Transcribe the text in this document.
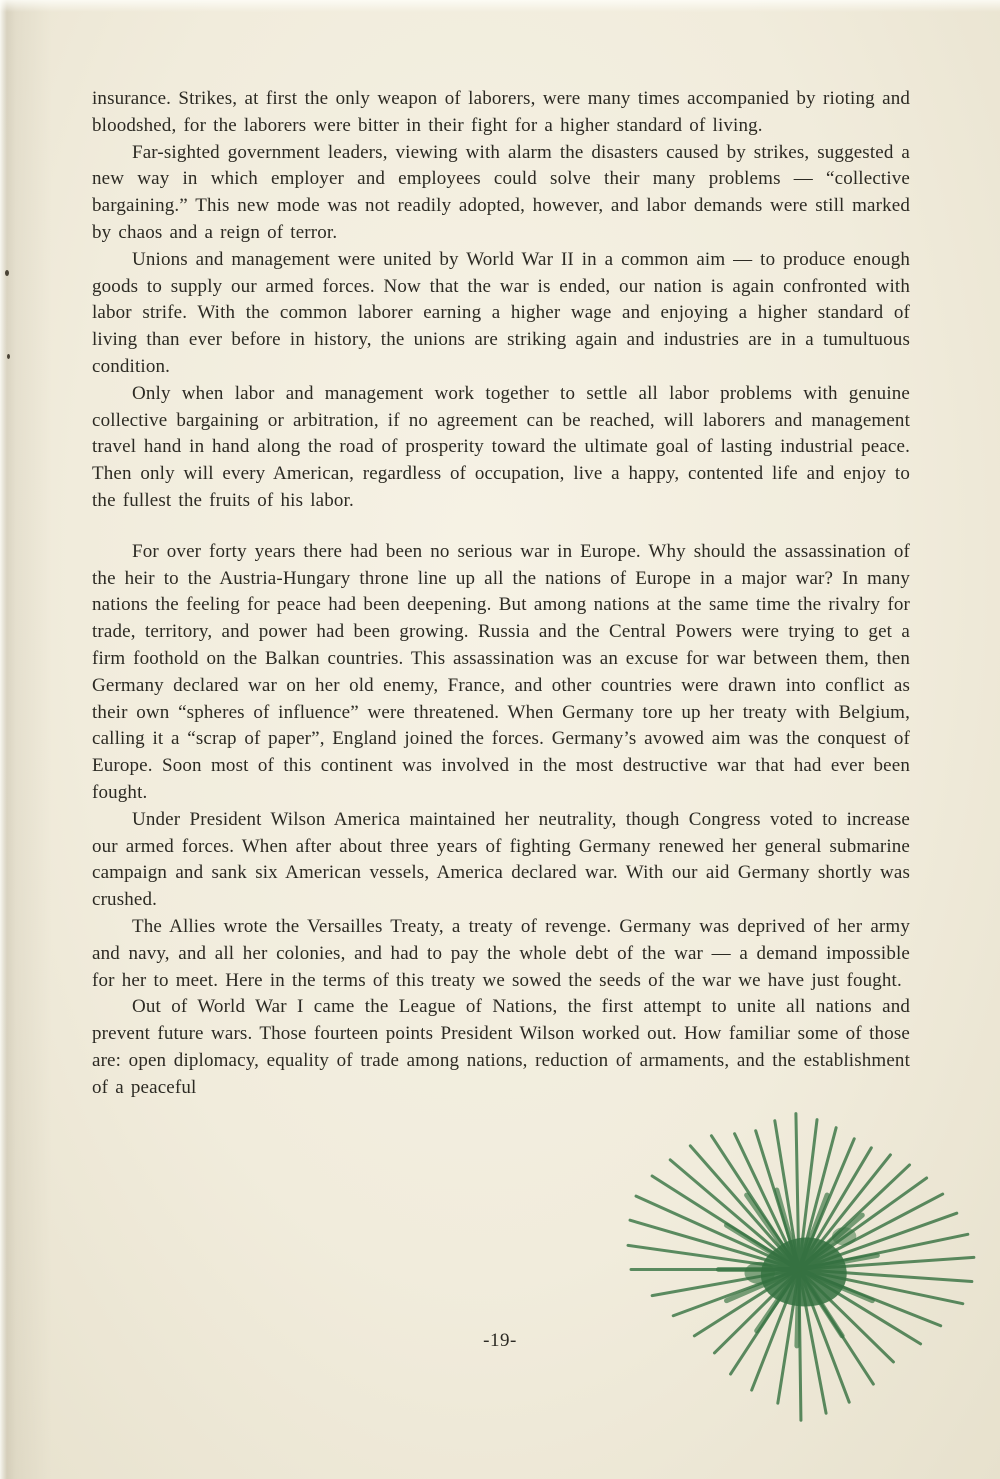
insurance. Strikes, at first the only weapon of laborers, were many times accompanied by rioting and bloodshed, for the laborers were bitter in their fight for a higher standard of living.

Far-sighted government leaders, viewing with alarm the disasters caused by strikes, suggested a new way in which employer and employees could solve their many problems — “collective bargaining.” This new mode was not readily adopted, however, and labor demands were still marked by chaos and a reign of terror.

Unions and management were united by World War II in a common aim — to produce enough goods to supply our armed forces. Now that the war is ended, our nation is again confronted with labor strife. With the common laborer earning a higher wage and enjoying a higher standard of living than ever before in history, the unions are striking again and industries are in a tumultuous condition.

Only when labor and management work together to settle all labor problems with genuine collective bargaining or arbitration, if no agreement can be reached, will laborers and management travel hand in hand along the road of prosperity toward the ultimate goal of lasting industrial peace. Then only will every American, regardless of occupation, live a happy, contented life and enjoy to the fullest the fruits of his labor.

For over forty years there had been no serious war in Europe. Why should the assassination of the heir to the Austria-Hungary throne line up all the nations of Europe in a major war? In many nations the feeling for peace had been deepening. But among nations at the same time the rivalry for trade, territory, and power had been growing. Russia and the Central Powers were trying to get a firm foothold on the Balkan countries. This assassination was an excuse for war between them, then Germany declared war on her old enemy, France, and other countries were drawn into conflict as their own “spheres of influence” were threatened. When Germany tore up her treaty with Belgium, calling it a “scrap of paper”, England joined the forces. Germany’s avowed aim was the conquest of Europe. Soon most of this continent was involved in the most destructive war that had ever been fought.

Under President Wilson America maintained her neutrality, though Congress voted to increase our armed forces. When after about three years of fighting Germany renewed her general submarine campaign and sank six American vessels, America declared war. With our aid Germany shortly was crushed.

The Allies wrote the Versailles Treaty, a treaty of revenge. Germany was deprived of her army and navy, and all her colonies, and had to pay the whole debt of the war — a demand impossible for her to meet. Here in the terms of this treaty we sowed the seeds of the war we have just fought.

Out of World War I came the League of Nations, the first attempt to unite all nations and prevent future wars. Those fourteen points President Wilson worked out. How familiar some of those are: open diplomacy, equality of trade among nations, reduction of armaments, and the establishment of a peaceful

-19-
